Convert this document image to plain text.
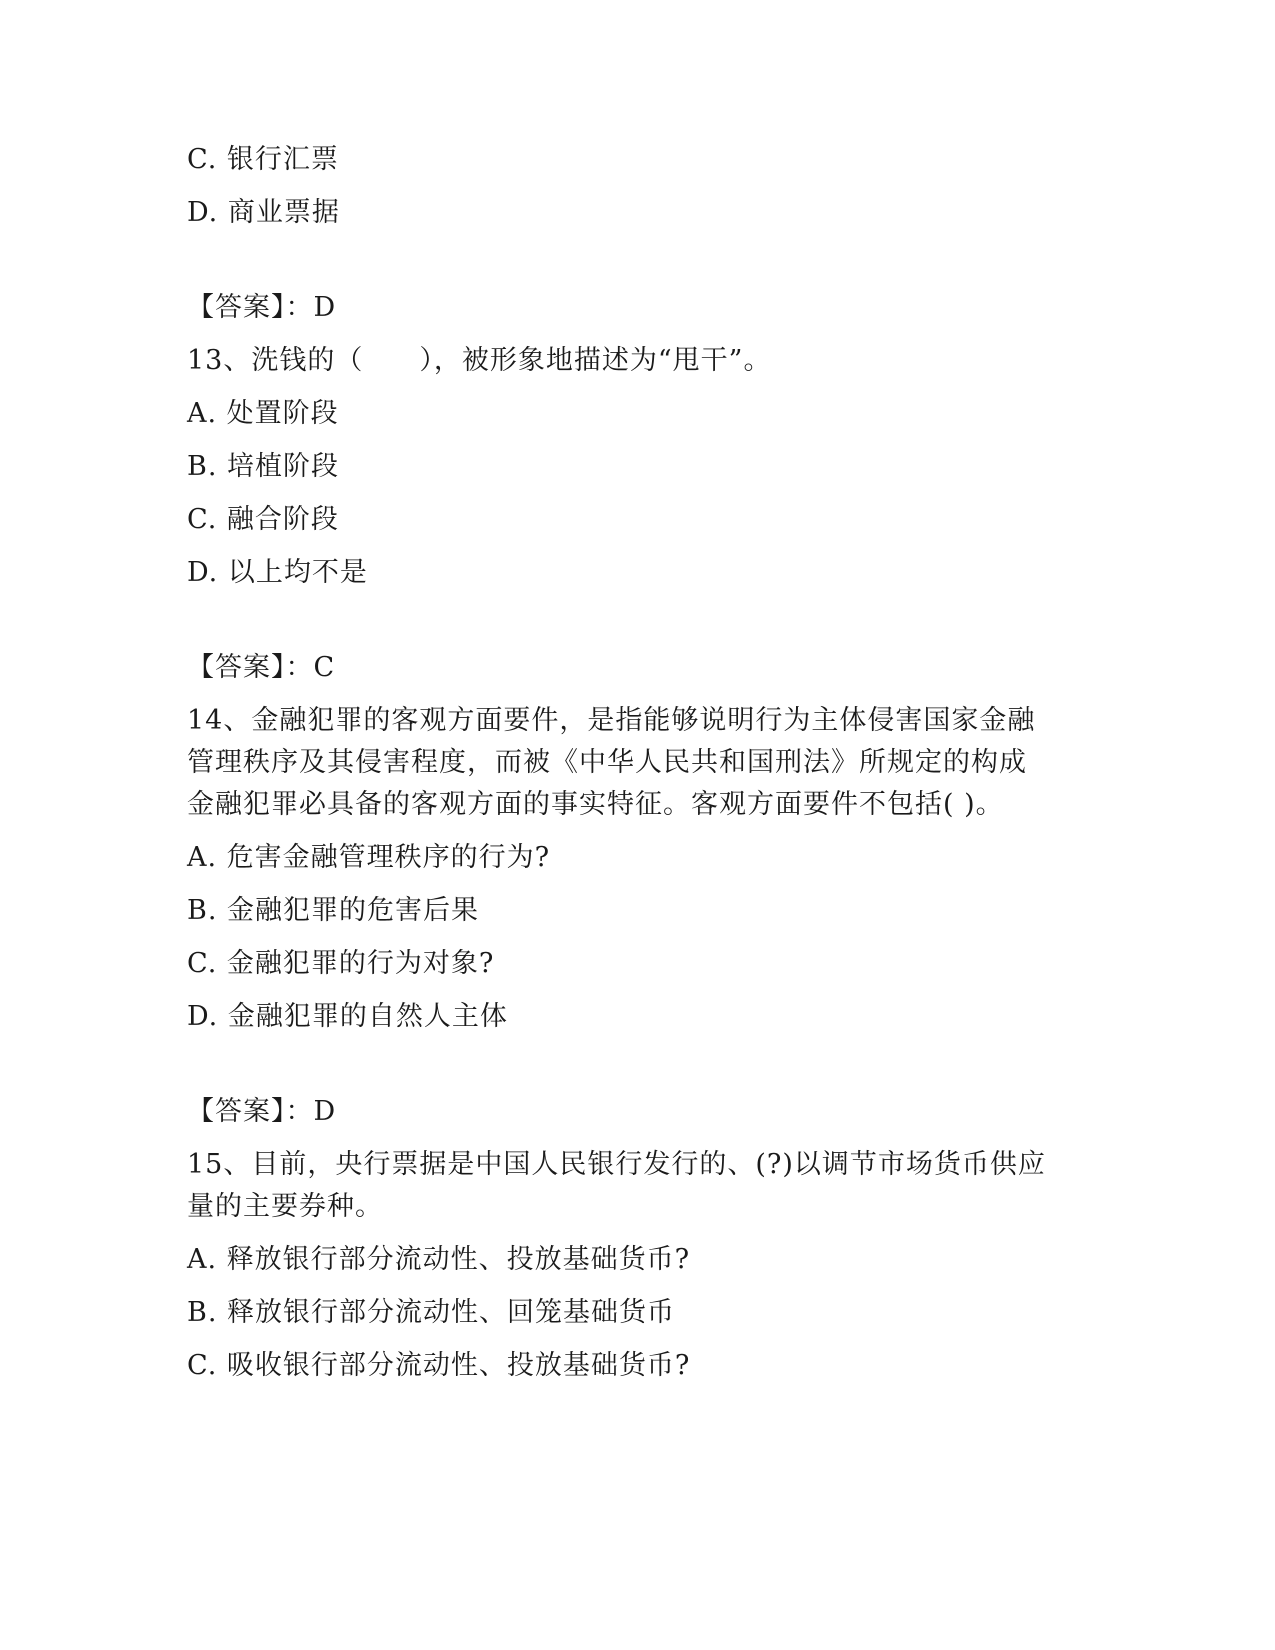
C. 银行汇票
D. 商业票据
【答案】：D
13、洗钱的（　　），被形象地描述为“甩干”。
A. 处置阶段
B. 培植阶段
C. 融合阶段
D. 以上均不是
【答案】：C
14、金融犯罪的客观方面要件，是指能够说明行为主体侵害国家金融
管理秩序及其侵害程度，而被《中华人民共和国刑法》所规定的构成
金融犯罪必具备的客观方面的事实特征。客观方面要件不包括( )。
A. 危害金融管理秩序的行为?
B. 金融犯罪的危害后果
C. 金融犯罪的行为对象?
D. 金融犯罪的自然人主体
【答案】：D
15、目前，央行票据是中国人民银行发行的、(?)以调节市场货币供应
量的主要券种。
A. 释放银行部分流动性、投放基础货币?
B. 释放银行部分流动性、回笼基础货币
C. 吸收银行部分流动性、投放基础货币?
